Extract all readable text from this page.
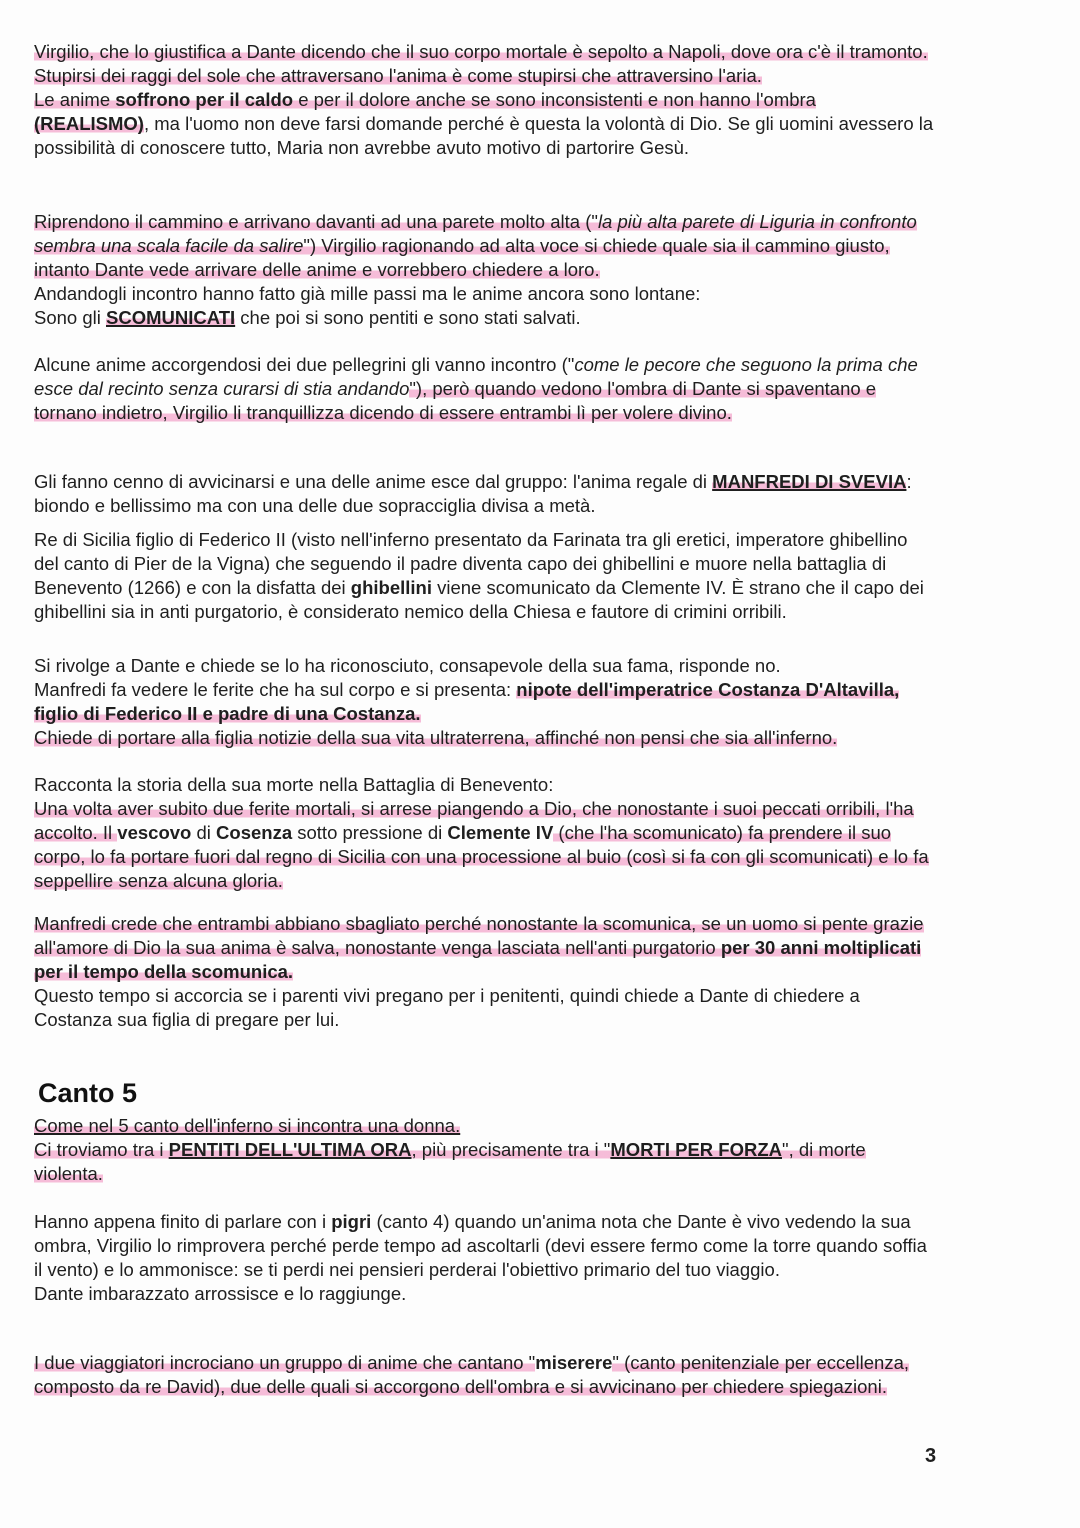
Virgilio, che lo giustifica a Dante dicendo che il suo corpo mortale è sepolto a Napoli, dove ora c'è il tramonto. Stupirsi dei raggi del sole che attraversano l'anima è come stupirsi che attraversino l'aria.

Le anime soffrono per il caldo e per il dolore anche se sono inconsistenti e non hanno l'ombra (REALISMO), ma l'uomo non deve farsi domande perché è questa la volontà di Dio. Se gli uomini avessero la possibilità di conoscere tutto, Maria non avrebbe avuto motivo di partorire Gesù.

Riprendono il cammino e arrivano davanti ad una parete molto alta ("la più alta parete di Liguria in confronto sembra una scala facile da salire") Virgilio ragionando ad alta voce si chiede quale sia il cammino giusto, intanto Dante vede arrivare delle anime e vorrebbero chiedere a loro.

Andandogli incontro hanno fatto già mille passi ma le anime ancora sono lontane:

Sono gli SCOMUNICATI che poi si sono pentiti e sono stati salvati.

Alcune anime accorgendosi dei due pellegrini gli vanno incontro ("come le pecore che seguono la prima che esce dal recinto senza curarsi di stia andando"), però quando vedono l'ombra di Dante si spaventano e tornano indietro, Virgilio li tranquillizza dicendo di essere entrambi lì per volere divino.

Gli fanno cenno di avvicinarsi e una delle anime esce dal gruppo: l'anima regale di MANFREDI DI SVEVIA: biondo e bellissimo ma con una delle due sopracciglia divisa a metà.

Re di Sicilia figlio di Federico II (visto nell'inferno presentato da Farinata tra gli eretici, imperatore ghibellino del canto di Pier de la Vigna) che seguendo il padre diventa capo dei ghibellini e muore nella battaglia di Benevento (1266) e con la disfatta dei ghibellini viene scomunicato da Clemente IV. È strano che il capo dei ghibellini sia in anti purgatorio, è considerato nemico della Chiesa e fautore di crimini orribili.

Si rivolge a Dante e chiede se lo ha riconosciuto, consapevole della sua fama, risponde no.

Manfredi fa vedere le ferite che ha sul corpo e si presenta: nipote dell'imperatrice Costanza D'Altavilla, figlio di Federico II e padre di una Costanza.

Chiede di portare alla figlia notizie della sua vita ultraterrena, affinché non pensi che sia all'inferno.

Racconta la storia della sua morte nella Battaglia di Benevento:

Una volta aver subito due ferite mortali, si arrese piangendo a Dio, che nonostante i suoi peccati orribili, l'ha accolto. Il vescovo di Cosenza sotto pressione di Clemente IV (che l'ha scomunicato) fa prendere il suo corpo, lo fa portare fuori dal regno di Sicilia con una processione al buio (così si fa con gli scomunicati) e lo fa seppellire senza alcuna gloria.

Manfredi crede che entrambi abbiano sbagliato perché nonostante la scomunica, se un uomo si pente grazie all'amore di Dio la sua anima è salva, nonostante venga lasciata nell'anti purgatorio per 30 anni moltiplicati per il tempo della scomunica.

Questo tempo si accorcia se i parenti vivi pregano per i penitenti, quindi chiede a Dante di chiedere a Costanza sua figlia di pregare per lui.

Canto 5

Come nel 5 canto dell'inferno si incontra una donna.

Ci troviamo tra i PENTITI DELL'ULTIMA ORA, più precisamente tra i "MORTI PER FORZA", di morte violenta.

Hanno appena finito di parlare con i pigri (canto 4) quando un'anima nota che Dante è vivo vedendo la sua ombra, Virgilio lo rimprovera perché perde tempo ad ascoltarli (devi essere fermo come la torre quando soffia il vento) e lo ammonisce: se ti perdi nei pensieri perderai l'obiettivo primario del tuo viaggio.

Dante imbarazzato arrossisce e lo raggiunge.

I due viaggiatori incrociano un gruppo di anime che cantano "miserere" (canto penitenziale per eccellenza, composto da re David), due delle quali si accorgono dell'ombra e si avvicinano per chiedere spiegazioni.

3
